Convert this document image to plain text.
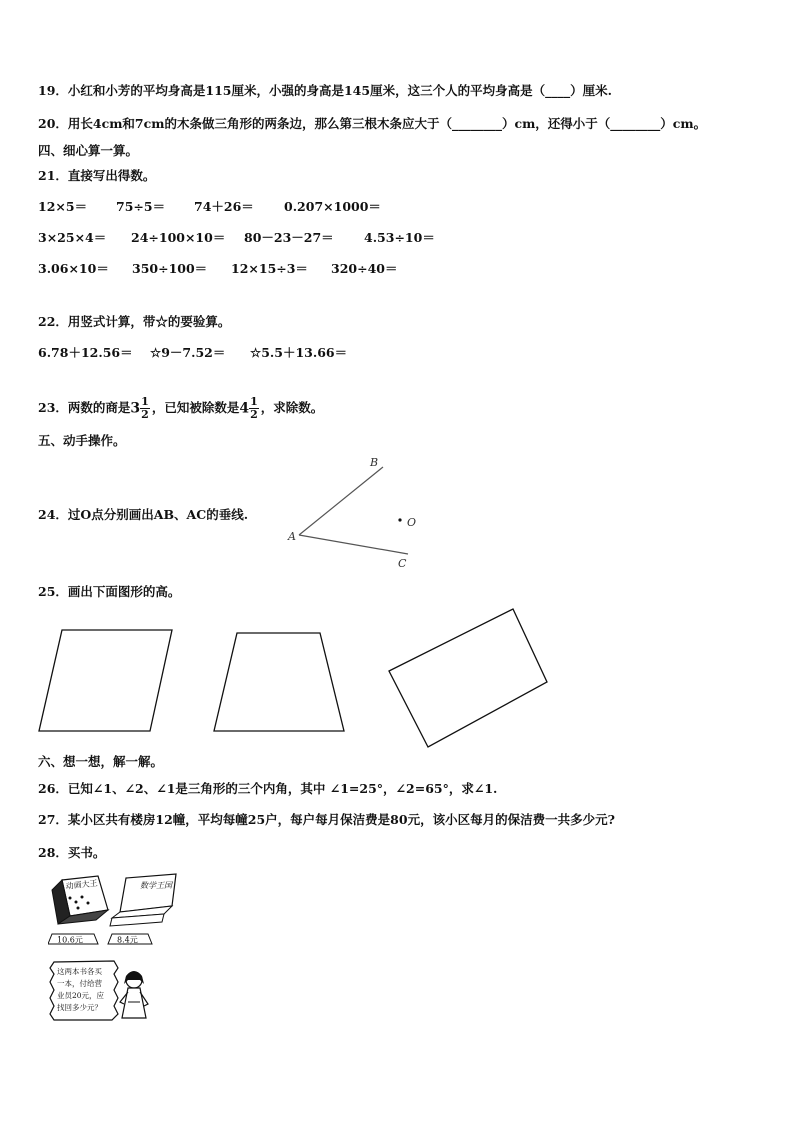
19．小红和小芳的平均身高是115厘米，小强的身高是145厘米，这三个人的平均身高是（____）厘米.
20．用长4cm和7cm的木条做三角形的两条边，那么第三根木条应大于（________）cm，还得小于（________）cm。
四、细心算一算。
21．直接写出得数。
12×5＝ 75÷5＝ 74＋26＝ 0.207×1000＝
3×25×4＝ 24÷100×10＝ 80－23－27＝ 4.53÷10＝
3.06×10＝ 350÷100＝ 12×15÷3＝ 320÷40＝
22．用竖式计算，带☆的要验算。
6.78＋12.56＝ ☆9－7.52＝ ☆5.5＋13.66＝
23．两数的商是$3 \frac{1}{2}$ ，已知被除数是$4 \frac{1}{2}$ ，求除数。
五、动手操作。
24．过O点分别画出AB、AC的垂线.
A
B
C
O
25．画出下面图形的高。
六、想一想，解一解。
26．已知∠1、∠2、∠1是三角形的三个内角，其中 ∠1=25°，∠2=65°，求∠1.
27．某小区共有楼房12幢，平均每幢25户，每户每月保洁费是80元，该小区每月的保洁费一共多少元?
28．买书。
动画大王	数学王国
10.6元	8.4元
这两本书各买
一本，付给营
业员20元，应
找回多少元？
